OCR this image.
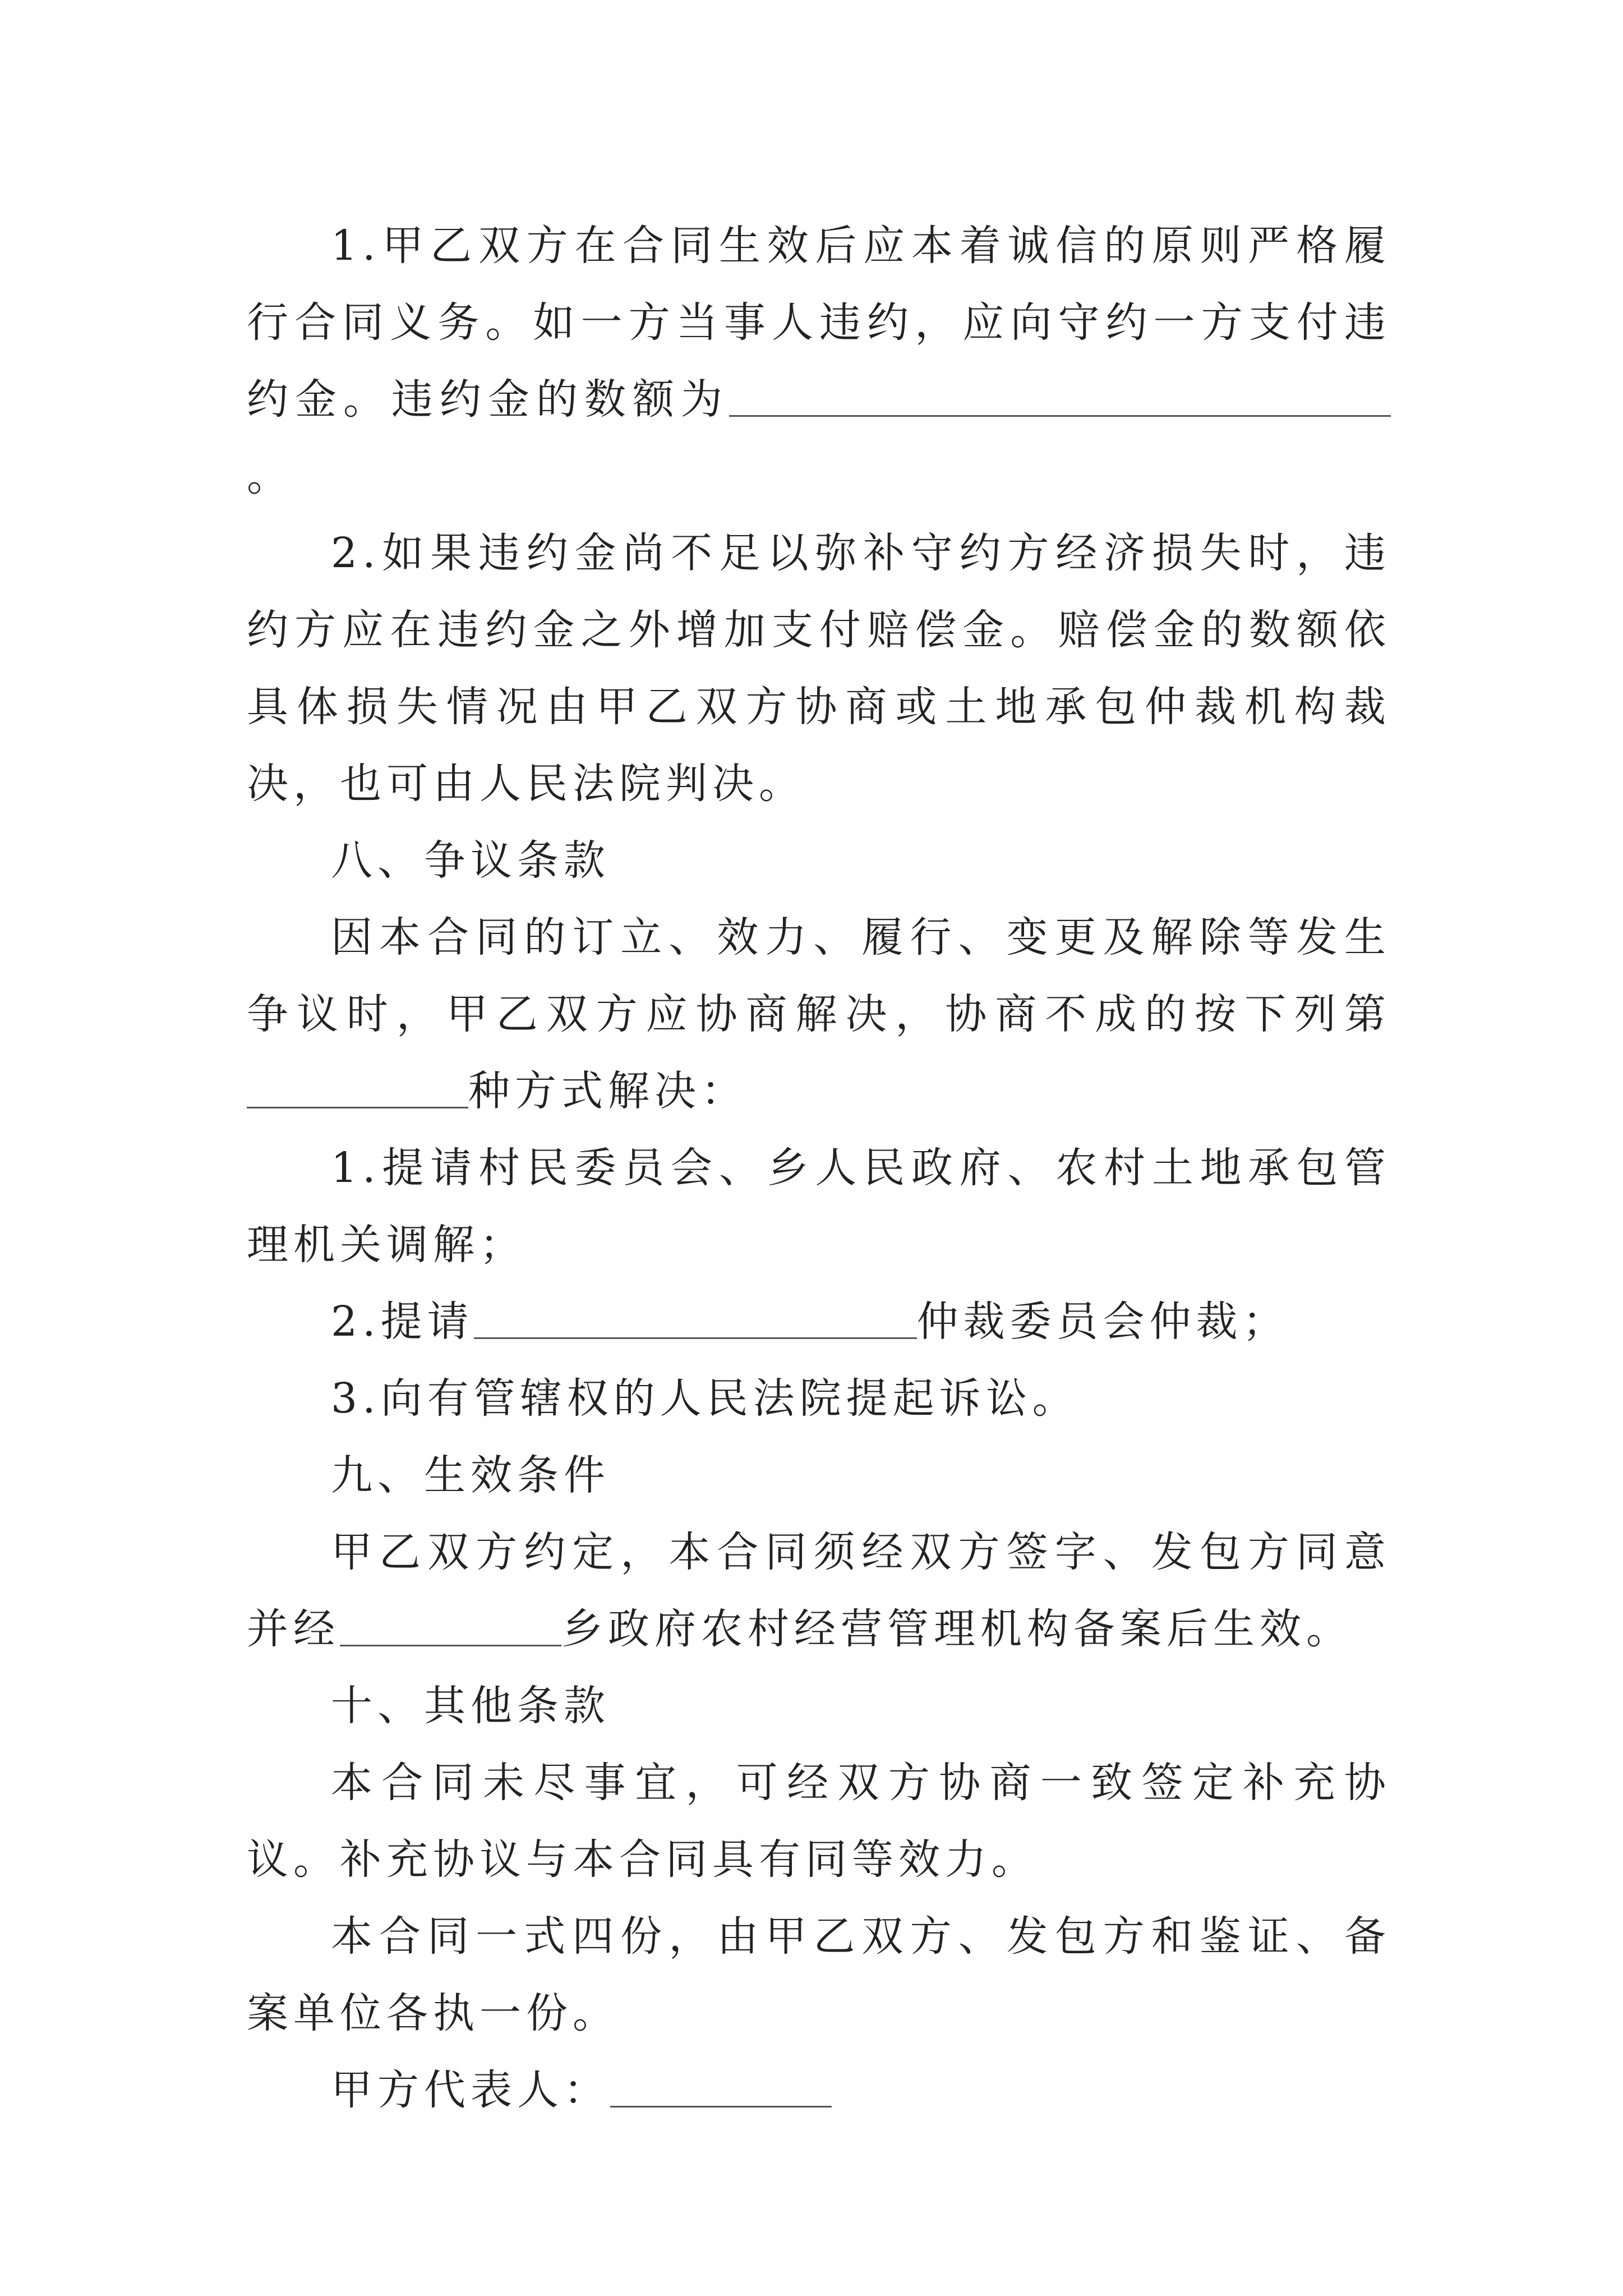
1.甲乙双方在合同生效后应本着诚信的原则严格履行合同义务。如一方当事人违约，应向守约一方支付违约金。违约金的数额为。

2.如果违约金尚不足以弥补守约方经济损失时，违约方应在违约金之外增加支付赔偿金。赔偿金的数额依具体损失情况由甲乙双方协商或土地承包仲裁机构裁决，也可由人民法院判决。

八、争议条款

因本合同的订立、效力、履行、变更及解除等发生争议时，甲乙双方应协商解决，协商不成的按下列第种方式解决：

1.提请村民委员会、乡人民政府、农村土地承包管理机关调解；

2.提请	仲裁委员会仲裁；

3.向有管辖权的人民法院提起诉讼。

九、生效条件

甲乙双方约定，本合同须经双方签字、发包方同意并经	乡政府农村经营管理机构备案后生效。

十、其他条款

本合同未尽事宜，可经双方协商一致签定补充协议。补充协议与本合同具有同等效力。

本合同一式四份，由甲乙双方、发包方和鉴证、备案单位各执一份。

甲方代表人：
